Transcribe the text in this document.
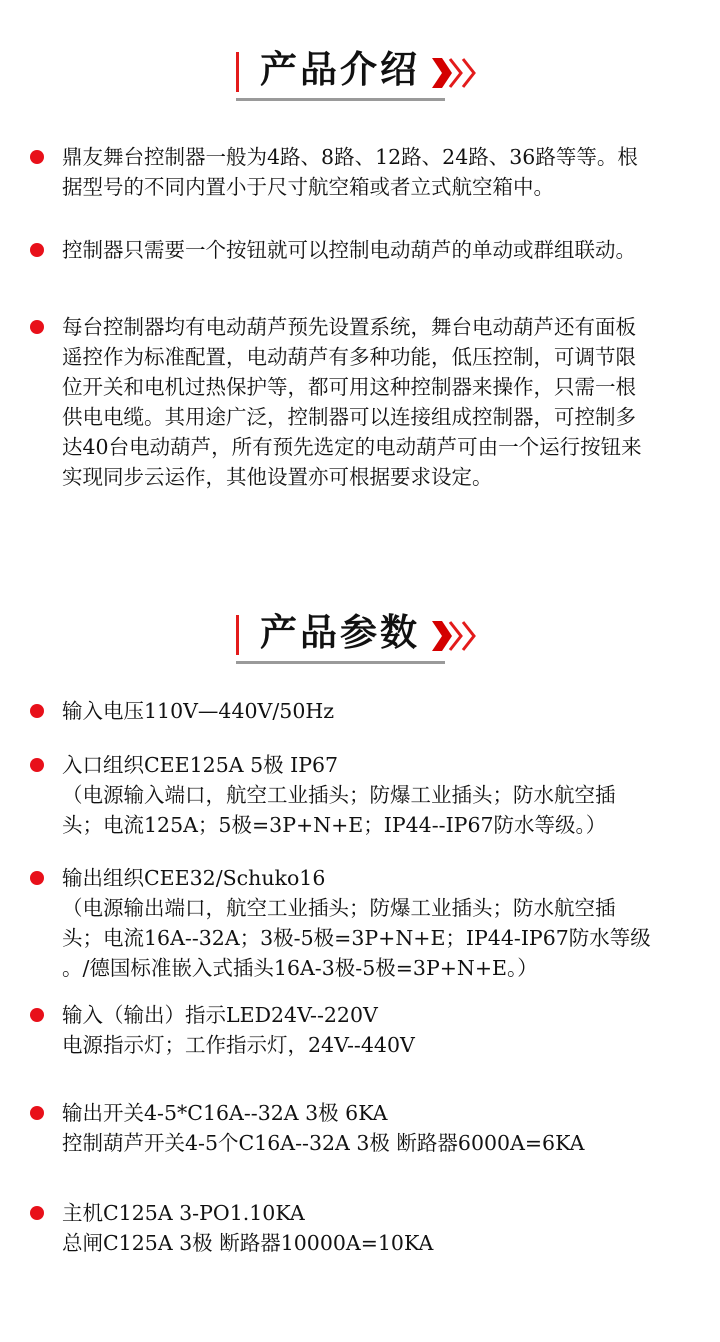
产品介绍
鼎友舞台控制器一般为4路、8路、12路、24路、36路等等。根
据型号的不同内置小于尺寸航空箱或者立式航空箱中。
控制器只需要一个按钮就可以控制电动葫芦的单动或群组联动。
每台控制器均有电动葫芦预先设置系统，舞台电动葫芦还有面板
遥控作为标准配置，电动葫芦有多种功能，低压控制，可调节限
位开关和电机过热保护等，都可用这种控制器来操作，只需一根
供电电缆。其用途广泛，控制器可以连接组成控制器，可控制多
达40台电动葫芦，所有预先选定的电动葫芦可由一个运行按钮来
实现同步云运作，其他设置亦可根据要求设定。
产品参数
输入电压110V—440V/50Hz
入口组织CEE125A 5极 IP67
（电源输入端口，航空工业插头；防爆工业插头；防水航空插
头；电流125A；5极=3P+N+E；IP44--IP67防水等级。）
输出组织CEE32/Schuko16
（电源输出端口，航空工业插头；防爆工业插头；防水航空插
头；电流16A--32A；3极-5极=3P+N+E；IP44-IP67防水等级
。/德国标准嵌入式插头16A-3极-5极=3P+N+E。）
输入（输出）指示LED24V--220V
电源指示灯；工作指示灯，24V--440V
输出开关4-5*C16A--32A 3极 6KA
控制葫芦开关4-5个C16A--32A 3极 断路器6000A=6KA
主机C125A 3-PO1.10KA
总闸C125A 3极 断路器10000A=10KA
